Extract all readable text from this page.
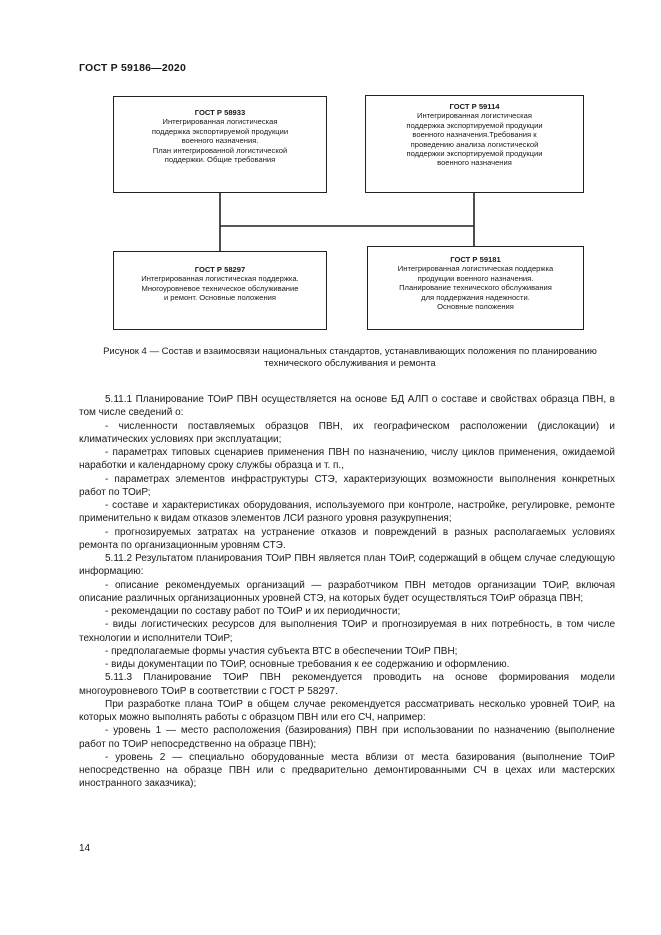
ГОСТ Р 59186—2020
ГОСТ Р 58933
Интегрированная логистическая
поддержка экспортируемой продукции
военного назначения.
План интегрированной логистической
поддержки. Общие требования
ГОСТ Р 59114
Интегрированная логистическая
поддержка экспортируемой продукции
военного назначения.Требования к
проведению анализа логистической
поддержки экспортируемой продукции
военного назначения
ГОСТ Р 58297
Интегрированная логистическая поддержка.
Многоуровневое техническое обслуживание
и ремонт. Основные положения
ГОСТ Р 59181
Интегрированная логистическая поддержка
продукции военного назначения.
Планирование технического обслуживания
для поддержания надежности.
Основные положения
Рисунок 4 — Состав и взаимосвязи национальных стандартов, устанавливающих положения по планированию технического обслуживания и ремонта

5.11.1 Планирование ТОиР ПВН осуществляется на основе БД АЛП о составе и свойствах образца ПВН, в том числе сведений о:

- численности поставляемых образцов ПВН, их географическом расположении (дислокации) и климатических условиях при эксплуатации;

- параметрах типовых сценариев применения ПВН по назначению, числу циклов применения, ожидаемой наработки и календарному сроку службы образца и т. п.,

- параметрах элементов инфраструктуры СТЭ, характеризующих возможности выполнения конкретных работ по ТОиР;

- составе и характеристиках оборудования, используемого при контроле, настройке, регулировке, ремонте применительно к видам отказов элементов ЛСИ разного уровня разукрупнения;

- прогнозируемых затратах на устранение отказов и повреждений в разных располагаемых условиях ремонта по организационным уровням СТЭ.

5.11.2 Результатом планирования ТОиР ПВН является план ТОиР, содержащий в общем случае следующую информацию:

- описание рекомендуемых организаций — разработчиком ПВН методов организации ТОиР, включая описание различных организационных уровней СТЭ, на которых будет осуществляться ТОиР образца ПВН;

- рекомендации по составу работ по ТОиР и их периодичности;

- виды логистических ресурсов для выполнения ТОиР и прогнозируемая в них потребность, в том числе технологии и исполнители ТОиР;

- предполагаемые формы участия субъекта ВТС в обеспечении ТОиР ПВН;

- виды документации по ТОиР, основные требования к ее содержанию и оформлению.

5.11.3 Планирование ТОиР ПВН рекомендуется проводить на основе формирования модели многоуровневого ТОиР в соответствии с ГОСТ Р 58297.

При разработке плана ТОиР в общем случае рекомендуется рассматривать несколько уровней ТОиР, на которых можно выполнять работы с образцом ПВН или его СЧ, например:

- уровень 1 — место расположения (базирования) ПВН при использовании по назначению (выполнение работ по ТОиР непосредственно на образце ПВН);

- уровень 2 — специально оборудованные места вблизи от места базирования (выполнение ТОиР непосредственно на образце ПВН или с предварительно демонтированными СЧ в цехах или мастерских иностранного заказчика);

14
